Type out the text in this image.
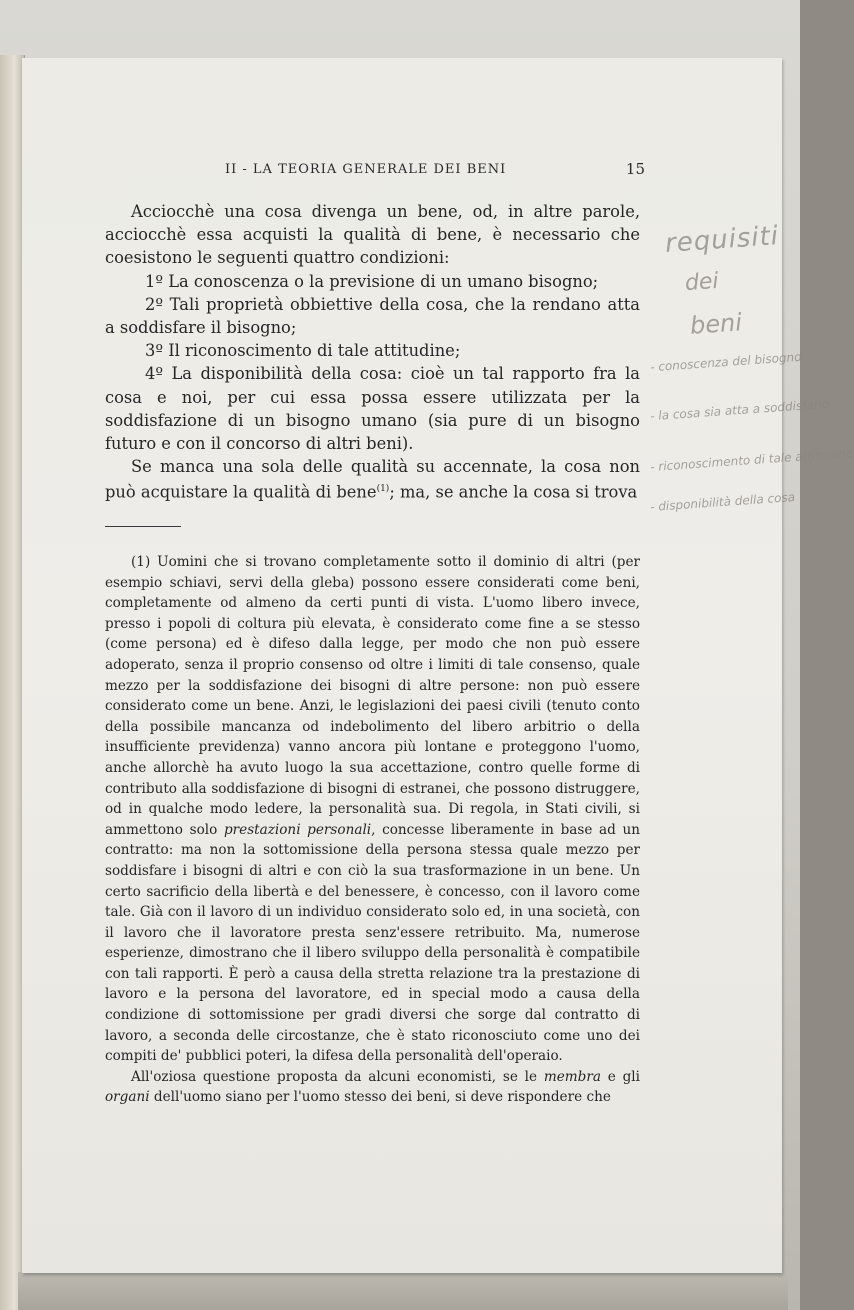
II - LA TEORIA GENERALE DEI BENI	15

Acciocchè una cosa divenga un bene, od, in altre parole, acciocchè essa acquisti la qualità di bene, è necessario che coesistono le seguenti quattro condizioni:

1º La conoscenza o la previsione di un umano bisogno;

2º Tali proprietà obbiettive della cosa, che la rendano atta a soddisfare il bisogno;

3º Il riconoscimento di tale attitudine;

4º La disponibilità della cosa: cioè un tal rapporto fra la cosa e noi, per cui essa possa essere utilizzata per la soddisfazione di un bisogno umano (sia pure di un bisogno futuro e con il concorso di altri beni).

Se manca una sola delle qualità su accennate, la cosa non può acquistare la qualità di bene$^{(1)}$; ma, se anche la cosa si trova

(1) Uomini che si trovano completamente sotto il dominio di altri (per esempio schiavi, servi della gleba) possono essere considerati come beni, completamente od almeno da certi punti di vista. L'uomo libero invece, presso i popoli di coltura più elevata, è considerato come fine a se stesso (come persona) ed è difeso dalla legge, per modo che non può essere adoperato, senza il proprio consenso od oltre i limiti di tale consenso, quale mezzo per la soddisfazione dei bisogni di altre persone: non può essere considerato come un bene. Anzi, le legislazioni dei paesi civili (tenuto conto della possibile mancanza od indebolimento del libero arbitrio o della insufficiente previdenza) vanno ancora più lontane e proteggono l'uomo, anche allorchè ha avuto luogo la sua accettazione, contro quelle forme di contributo alla soddisfazione di bisogni di estranei, che possono distruggere, od in qualche modo ledere, la personalità sua. Di regola, in Stati civili, si ammettono solo prestazioni personali, concesse liberamente in base ad un contratto: ma non la sottomissione della persona stessa quale mezzo per soddisfare i bisogni di altri e con ciò la sua trasformazione in un bene. Un certo sacrificio della libertà e del benessere, è concesso, con il lavoro come tale. Già con il lavoro di un individuo considerato solo ed, in una società, con il lavoro che il lavoratore presta senz'essere retribuito. Ma, numerose esperienze, dimostrano che il libero sviluppo della personalità è compatibile con tali rapporti. È però a causa della stretta relazione tra la prestazione di lavoro e la persona del lavoratore, ed in special modo a causa della condizione di sottomissione per gradi diversi che sorge dal contratto di lavoro, a seconda delle circostanze, che è stato riconosciuto come uno dei compiti de' pubblici poteri, la difesa della personalità dell'operaio.

All'oziosa questione proposta da alcuni economisti, se le membra e gli organi dell'uomo siano per l'uomo stesso dei beni, si deve rispondere che

requisiti
dei
beni
- conoscenza del bisogno
- la cosa sia atta a soddisfarlo
- riconoscimento di tale attitudine
- disponibilità della cosa
